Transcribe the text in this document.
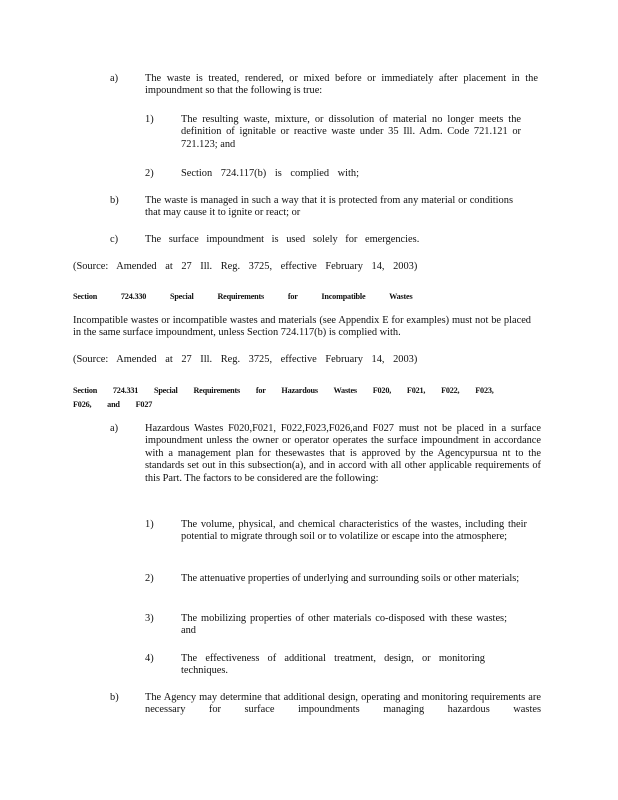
a)	The waste is treated, rendered, or mixed before or immediately after placement in the impoundment so that the following is true:
1)	The resulting waste, mixture, or dissolution of material no longer meets the definition of ignitable or reactive waste under 35 Ill. Adm. Code 721.121 or 721.123; and
2)	Section 724.117(b) is complied with;
b)	The waste is managed in such a way that it is protected from any material or conditions that may cause it to ignite or react; or
c)	The surface impoundment is used solely for emergencies.
(Source: Amended at 27 Ill. Reg. 3725, effective February 14, 2003)
Section 724.330 Special Requirements for Incompatible Wastes
Incompatible wastes or incompatible wastes and materials (see Appendix E for examples) must not be placed in the same surface impoundment, unless Section 724.117(b) is complied with.
(Source: Amended at 27 Ill. Reg. 3725, effective February 14, 2003)
Section 724.331 Special Requirements for Hazardous Wastes F020, F021, F022, F023,
F026, and F027
a)	Hazardous Wastes F020,F021, F022,F023,F026,and F027 must not be placed in a surface impoundment unless the owner or operator operates the surface impoundment in accordance with a management plan for thesewastes that is approved by the Agencypursua nt to the standards set out in this subsection(a), and in accord with all other applicable requirements of this Part. The factors to be considered are the following:
1)	The volume, physical, and chemical characteristics of the wastes, including their potential to migrate through soil or to volatilize or escape into the atmosphere;
2)	The attenuative properties of underlying and surrounding soils or other materials;
3)	The mobilizing properties of other materials co-disposed with these wastes; and
4)	The effectiveness of additional treatment, design, or monitoring techniques.
b)	The Agency may determine that additional design, operating and monitoring requirements are necessary for surface impoundments managing hazardous wastes
